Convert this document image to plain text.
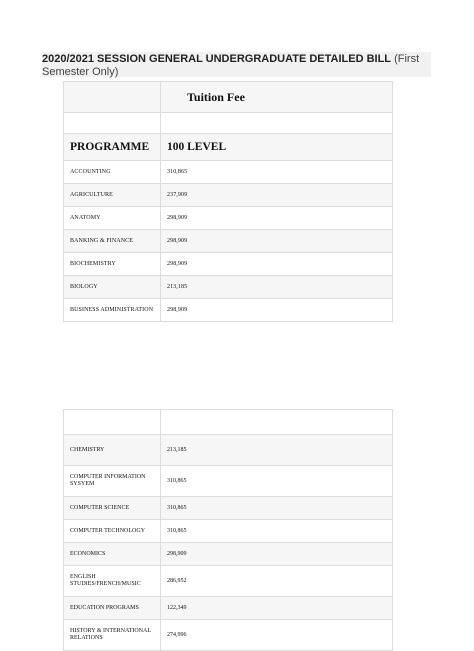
2020/2021 SESSION GENERAL UNDERGRADUATE DETAILED BILL (First Semester Only)
	Tuition Fee

PROGRAMME	100 LEVEL
ACCOUNTING	310,865
AGRICULTURE	237,909
ANATOMY	298,909
BANKING & FINANCE	298,909
BIOCHEMISTRY	298,909
BIOLOGY	213,185
BUSINESS ADMINISTRATION	298,909

CHEMISTRY	213,185
COMPUTER INFORMATION SYSYEM	310,865
COMPUTER SCIENCE	310,865
COMPUTER TECHNOLOGY	310,865
ECONOMICS	298,909
ENGLISH STUDIES/FRENCH/MUSIC	286,952
EDUCATION PROGRAMS	122,349
HISTORY & INTERNATIONAL RELATIONS	274,996
